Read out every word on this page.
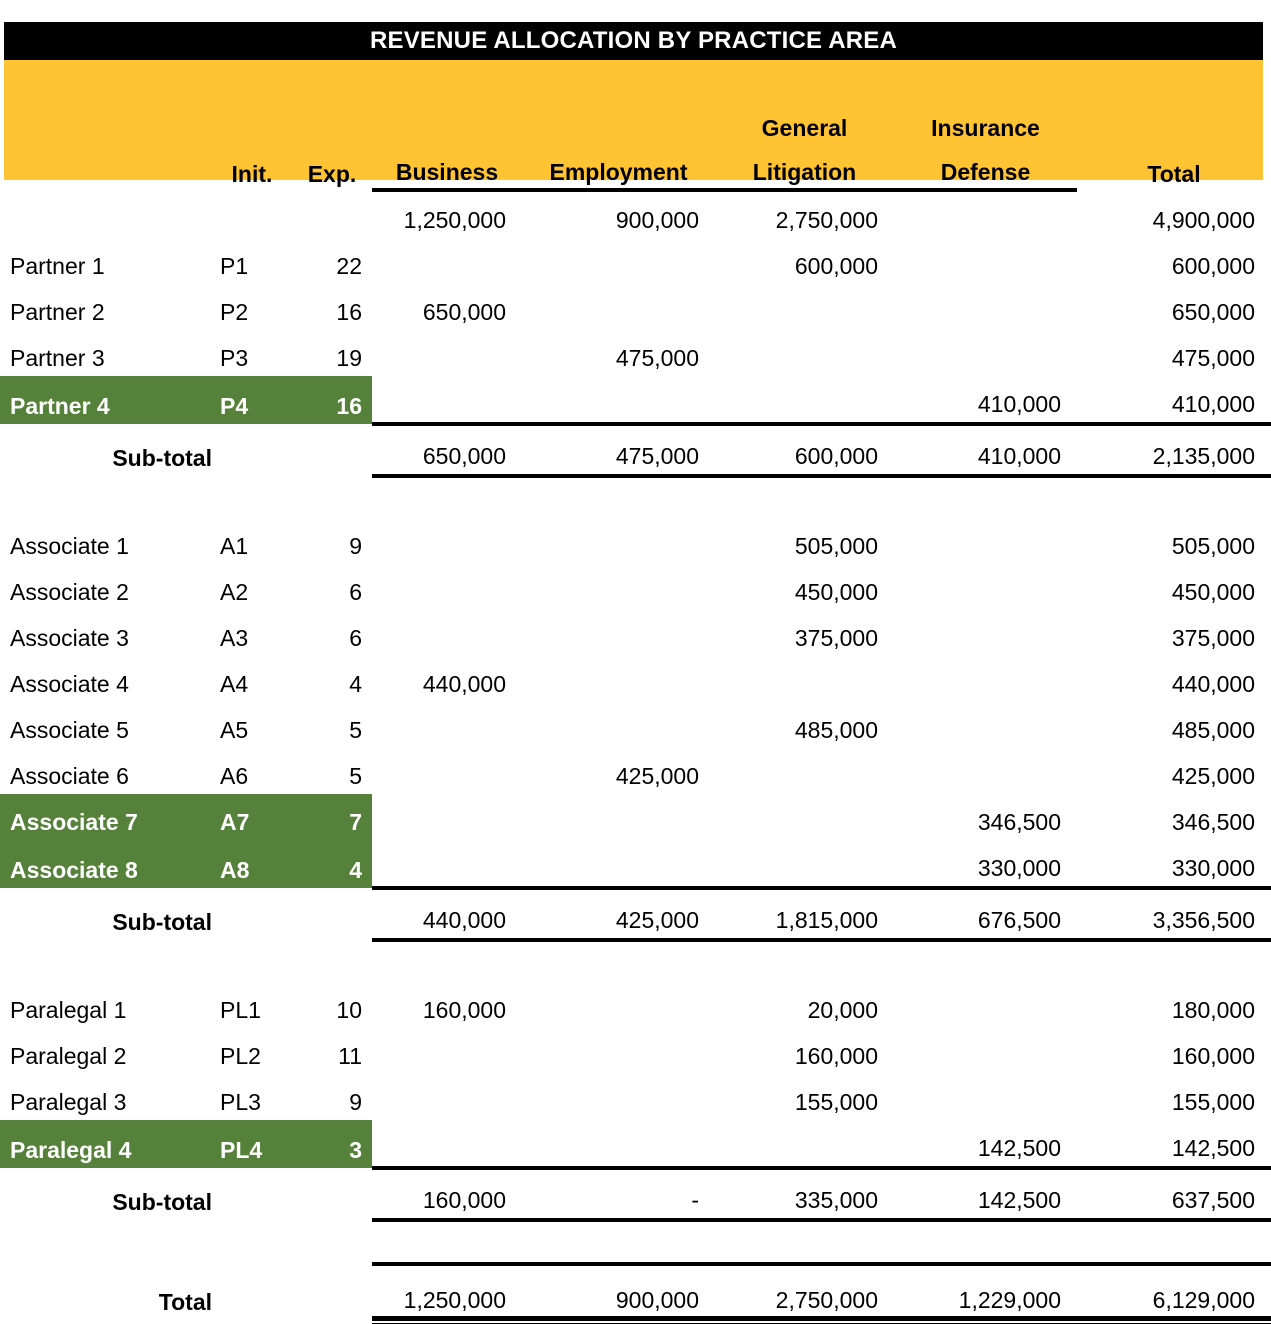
REVENUE ALLOCATION BY PRACTICE AREA

					General	Insurance	
	Init.	Exp.	Business	Employment	Litigation	Defense	Total
			1,250,000	900,000	2,750,000		4,900,000
Partner 1	P1	22			600,000		600,000
Partner 2	P2	16	650,000				650,000
Partner 3	P3	19		475,000			475,000
Partner 4	P4	16				410,000	410,000
Sub-total			650,000	475,000	600,000	410,000	2,135,000

Associate 1	A1	9			505,000		505,000
Associate 2	A2	6			450,000		450,000
Associate 3	A3	6			375,000		375,000
Associate 4	A4	4	440,000				440,000
Associate 5	A5	5			485,000		485,000
Associate 6	A6	5		425,000			425,000
Associate 7	A7	7				346,500	346,500
Associate 8	A8	4				330,000	330,000
Sub-total			440,000	425,000	1,815,000	676,500	3,356,500

Paralegal 1	PL1	10	160,000		20,000		180,000
Paralegal 2	PL2	11			160,000		160,000
Paralegal 3	PL3	9			155,000		155,000
Paralegal 4	PL4	3				142,500	142,500
Sub-total			160,000	-	335,000	142,500	637,500

Total			1,250,000	900,000	2,750,000	1,229,000	6,129,000
